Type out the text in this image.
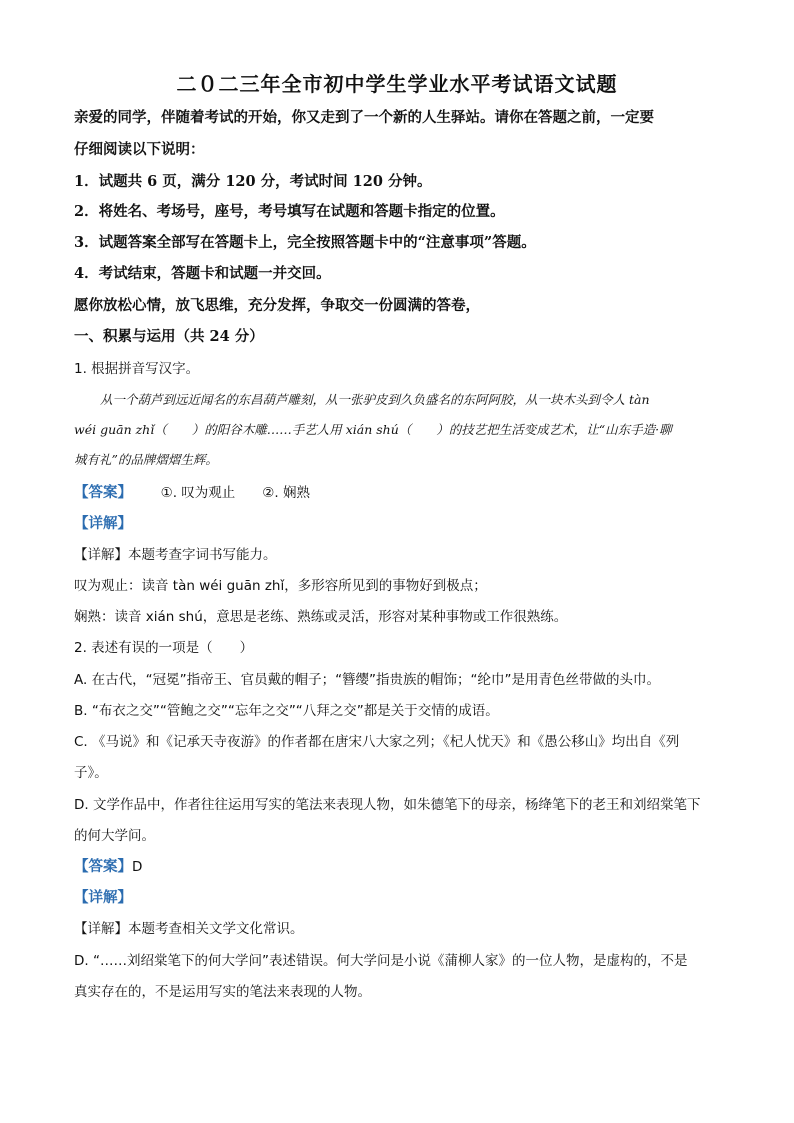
二０二三年全市初中学生学业水平考试语文试题
亲爱的同学，伴随着考试的开始，你又走到了一个新的人生驿站。请你在答题之前，一定要
仔细阅读以下说明：
1．试题共 6 页，满分 120 分，考试时间 120 分钟。
2．将姓名、考场号，座号，考号填写在试题和答题卡指定的位置。
3．试题答案全部写在答题卡上，完全按照答题卡中的“注意事项”答题。
4．考试结束，答题卡和试题一并交回。
愿你放松心情，放飞思维，充分发挥，争取交一份圆满的答卷，
一、积累与运用（共 24 分）
1. 根据拼音写汉字。
从一个葫芦到远近闻名的东昌葫芦雕刻，从一张驴皮到久负盛名的东阿阿胶，从一块木头到令人 tàn
wéi guān zhǐ（　　）的阳谷木雕……手艺人用 xián shú（　　）的技艺把生活变成艺术，让“山东手造·聊
城有礼”的品牌熠熠生辉。
【答案】 ①. 叹为观止　　②. 娴熟
【详解】
【详解】本题考查字词书写能力。
叹为观止：读音 tàn wéi guān zhǐ，多形容所见到的事物好到极点；
娴熟：读音 xián shú，意思是老练、熟练或灵活，形容对某种事物或工作很熟练。
2. 表述有误的一项是（　　）
A. 在古代，“冠冕”指帝王、官员戴的帽子；“簪缨”指贵族的帽饰；“纶巾”是用青色丝带做的头巾。
B. “布衣之交”“管鲍之交”“忘年之交”“八拜之交”都是关于交情的成语。
C. 《马说》和《记承天寺夜游》的作者都在唐宋八大家之列；《杞人忧天》和《愚公移山》均出自《列
子》。
D. 文学作品中，作者往往运用写实的笔法来表现人物，如朱德笔下的母亲，杨绛笔下的老王和刘绍棠笔下
的何大学问。
【答案】D
【详解】
【详解】本题考查相关文学文化常识。
D. “……刘绍棠笔下的何大学问”表述错误。何大学问是小说《蒲柳人家》的一位人物，是虚构的，不是
真实存在的，不是运用写实的笔法来表现的人物。
